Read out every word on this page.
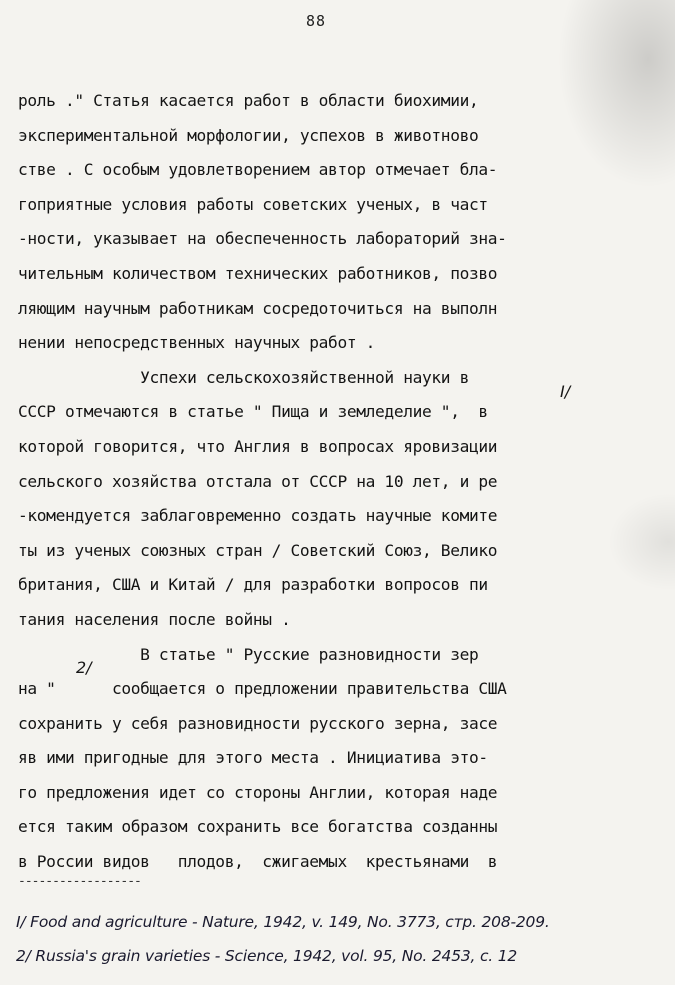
88
роль ." Статья касается работ в области биохимии,
экспериментальной морфологии, успехов в животново
стве . С особым удовлетворением автор отмечает бла-
гоприятные условия работы советских ученых, в част
-ности, указывает на обеспеченность лабораторий зна-
чительным количеством технических работников, позво
ляющим научным работникам сосредоточиться на выполн
нении непосредственных научных работ .
Успехи сельскохозяйственной науки в
СССР отмечаются в статье " Пища и земледелие ",  в
которой говорится, что Англия в вопросах яровизации
сельского хозяйства отстала от СССР на 10 лет, и ре
-комендуется заблаговременно создать научные комите
ты из ученых союзных стран / Советский Союз, Велико
британия, США и Китай / для разработки вопросов пи
тания населения после войны .
В статье " Русские разновидности зер
на "      сообщается о предложении правительства США
сохранить у себя разновидности русского зерна, засе
яв ими пригодные для этого места . Инициатива это-
го предложения идет со стороны Англии, которая наде
ется таким образом сохранить все богатства созданны
в России видов   плодов,  сжигаемых  крестьянами  в
I/
2/
------------------
I/ Food and agriculture - Nature, 1942, v. 149, No. 3773, стр. 208-209.
2/ Russia's grain varieties - Science, 1942, vol. 95, No. 2453, с. 12
